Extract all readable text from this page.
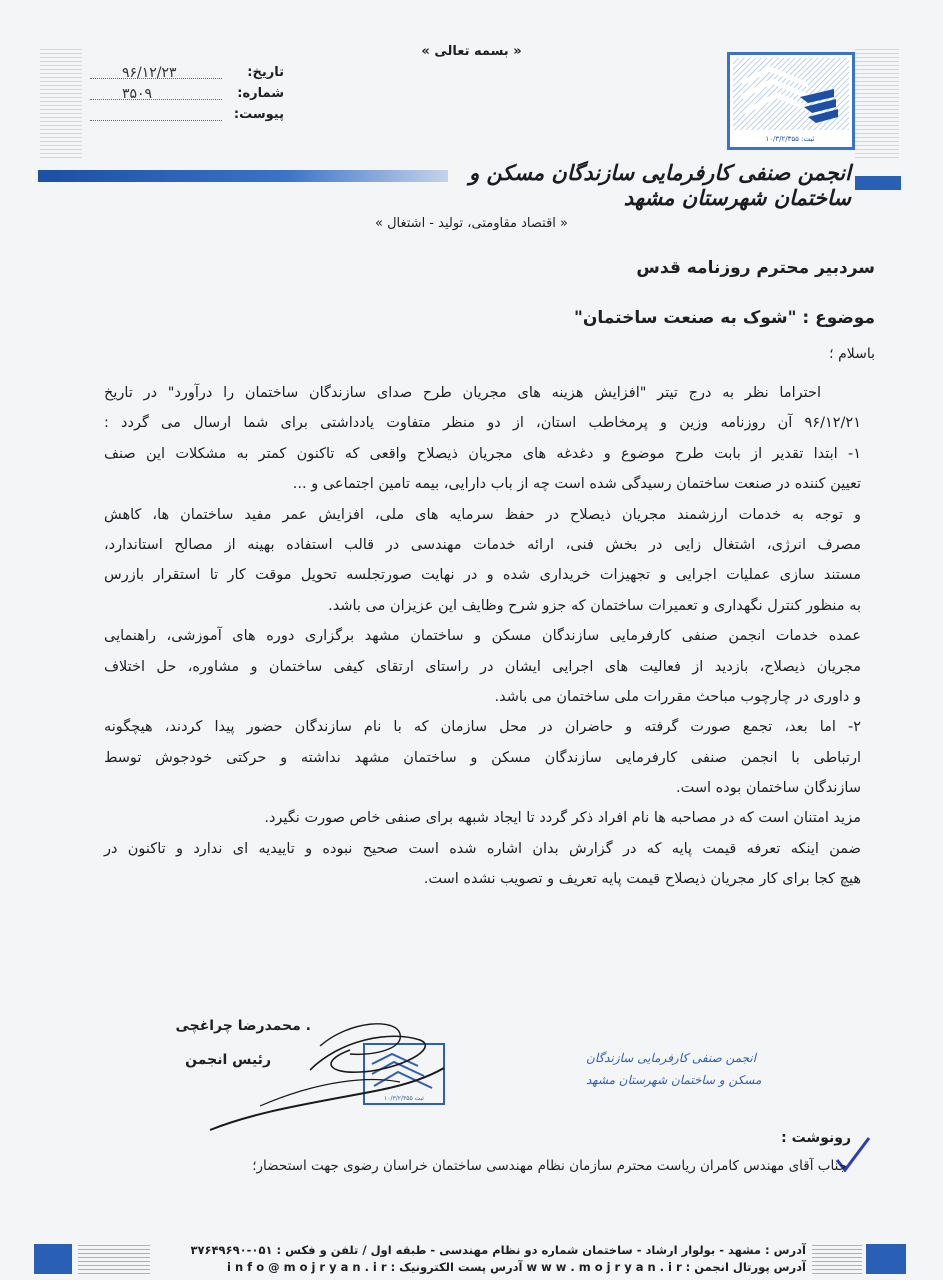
« بسمه تعالی »
تاریخ:
۹۶/۱۲/۲۳
شماره:
۳۵۰۹
پیوست:
ثبت: ۱۰/۳/۲/۳۵۵
انجمن صنفی کارفرمایی سازندگان مسکن و ساختمان شهرستان مشهد
« اقتصاد مقاومتی، تولید - اشتغال »
سردبیر محترم روزنامه قدس
موضوع : "شوک به صنعت ساختمان"
باسلام ؛
احتراما نظر به درج تیتر "افزایش هزینه های مجریان طرح صدای سازندگان ساختمان را درآورد" در تاریخ
۹۶/۱۲/۲۱ آن روزنامه وزین و پرمخاطب استان، از دو منظر متفاوت یادداشتی برای شما ارسال می گردد :
۱- ابتدا تقدیر از بابت طرح موضوع و دغدغه های مجریان ذیصلاح واقعی که تاکنون کمتر به مشکلات این صنف
تعیین کننده در صنعت ساختمان رسیدگی شده است چه از باب دارایی، بیمه تامین اجتماعی و ...
و توجه به خدمات ارزشمند مجریان ذیصلاح در حفظ سرمایه های ملی، افزایش عمر مفید ساختمان ها، کاهش
مصرف انرژی، اشتغال زایی در بخش فنی، ارائه خدمات مهندسی در قالب استفاده بهینه از مصالح استاندارد،
مستند سازی عملیات اجرایی و تجهیزات خریداری شده و در نهایت صورتجلسه تحویل موقت کار تا استقرار بازرس
به منظور کنترل نگهداری و تعمیرات ساختمان که جزو شرح وظایف این عزیزان می باشد.
عمده خدمات انجمن صنفی کارفرمایی سازندگان مسکن و ساختمان مشهد برگزاری دوره های آموزشی، راهنمایی
مجریان ذیصلاح، بازدید از فعالیت های اجرایی ایشان در راستای ارتقای کیفی ساختمان و مشاوره، حل اختلاف
و داوری در چارچوب مباحث مقررات ملی ساختمان می باشد.
۲- اما بعد، تجمع صورت گرفته و حاضران در محل سازمان که با نام سازندگان حضور پیدا کردند، هیچگونه
ارتباطی با انجمن صنفی کارفرمایی سازندگان مسکن و ساختمان مشهد نداشته و حرکتی خودجوش توسط
سازندگان ساختمان بوده است.
مزید امتنان است که در مصاحبه ها نام افراد ذکر گردد تا ایجاد شبهه برای صنفی خاص صورت نگیرد.
ضمن اینکه تعرفه قیمت پایه که در گزارش بدان اشاره شده است صحیح نبوده و تاییدیه ای ندارد و تاکنون در
هیچ کجا برای کار مجریان ذیصلاح قیمت پایه تعریف و تصویب نشده است.
ثبت ۱۰/۳/۲/۳۵۵
انجمن صنفی کارفرمایی سازندگان
مسکن و ساختمان شهرستان مشهد
. محمدرضا چراغچی
رئیس انجمن
رونوشت :
جناب آقای مهندس کامران ریاست محترم سازمان نظام مهندسی ساختمان خراسان رضوی جهت استحضار؛
آدرس : مشهد - بولوار ارشاد - ساختمان شماره دو نظام مهندسی - طبقه اول / تلفن و فکس : ۰۵۱-۳۷۶۴۹۶۹۰
آدرس پورتال انجمن : w w w . m o j r y a n . i r آدرس پست الکترونیک : i n f o @ m o j r y a n . i r
